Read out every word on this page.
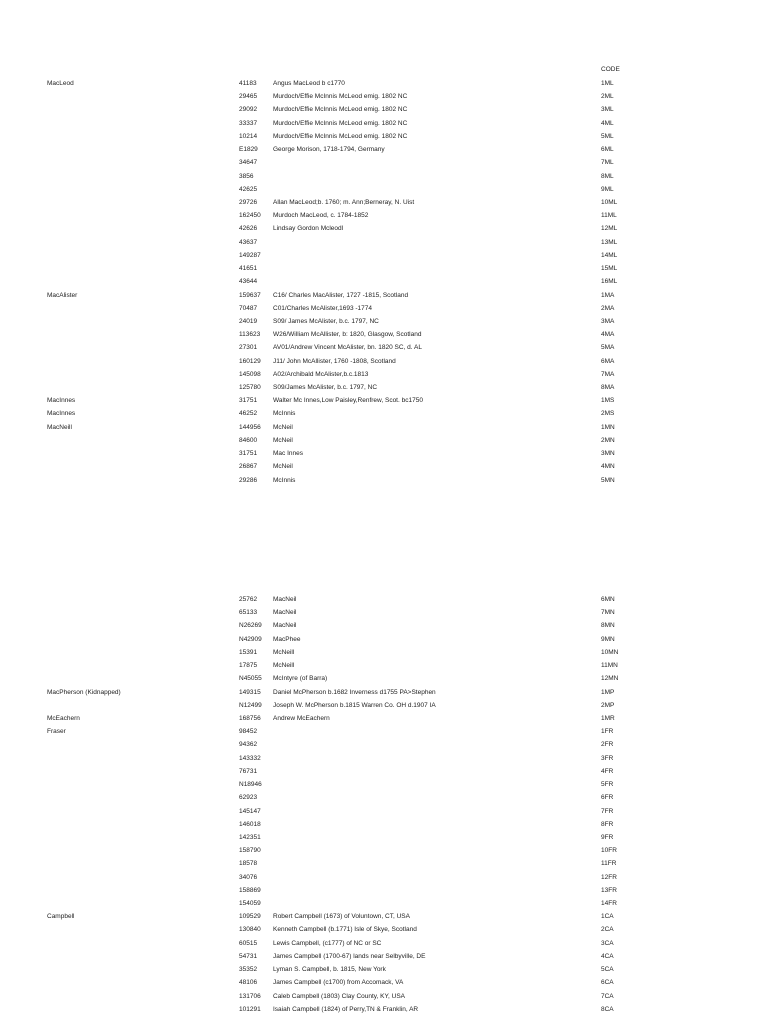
CODE
MacLeod	41183	Angus MacLeod b c1770	1ML
29465	Murdoch/Effie McInnis McLeod emig. 1802 NC	2ML
29092	Murdoch/Effie McInnis McLeod emig. 1802 NC	3ML
33337	Murdoch/Effie McInnis McLeod emig. 1802 NC	4ML
10214	Murdoch/Effie McInnis McLeod emig. 1802 NC	5ML
E1829	George Morison, 1718-1794, Germany	6ML
34647	7ML
3856	8ML
42625	9ML
29726	Allan MacLeod;b. 1760; m. Ann;Berneray, N. Uist	10ML
162450	Murdoch MacLeod, c. 1784-1852	11ML
42626	Lindsay Gordon Mcleodl	12ML
43637	13ML
149287	14ML
41651	15ML
43644	16ML
MacAlister	159637	C16/ Charles MacAlister, 1727 -1815, Scotland	1MA
70487	C01/Charles McAlister,1693 -1774	2MA
24019	S09/ James McAlister, b.c. 1797, NC	3MA
113623	W26/William McAllister, b: 1820, Glasgow, Scotland	4MA
27301	AV01/Andrew Vincent McAlister, bn. 1820 SC, d. AL	5MA
160129	J11/ John McAllister, 1760 -1808, Scotland	6MA
145098	A02/Archibald McAlister,b.c.1813	7MA
125780	S09/James McAlister, b.c. 1797, NC	8MA
MacInnes	31751	Walter Mc Innes,Low Paisley,Renfrew, Scot. bc1750	1MS
MacInnes	46252	McInnis	2MS
MacNeill	144956	McNeil	1MN
84600	McNeil	2MN
31751	Mac Innes	3MN
26867	McNeil	4MN
29286	McInnis	5MN
25762	MacNeil	6MN
65133	MacNeil	7MN
N26269	MacNeil	8MN
N42909	MacPhee	9MN
15391	McNeill	10MN
17875	McNeill	11MN
N45055	McIntyre (of Barra)	12MN
MacPherson (Kidnapped)	149315	Daniel McPherson b.1682 Inverness d1755 PA>Stephen	1MP
N12499	Joseph W. McPherson b.1815 Warren Co. OH d.1907 IA	2MP
McEachern	168756	Andrew McEachern	1MR
Fraser	98452	1FR
94362	2FR
143332	3FR
76731	4FR
N18946	5FR
62923	6FR
145147	7FR
146018	8FR
142351	9FR
158790	10FR
18578	11FR
34076	12FR
158869	13FR
154059	14FR
Campbell	109529	Robert Campbell (1673) of Voluntown, CT, USA	1CA
130840	Kenneth Campbell (b.1771) Isle of Skye, Scotland	2CA
60515	Lewis Campbell, (c1777) of NC or SC	3CA
54731	James Campbell (1700-67) lands near Selbyville, DE	4CA
35352	Lyman S. Campbell, b. 1815, New York	5CA
48106	James Campbell (c1700) from Accomack, VA	6CA
131706	Caleb Campbell (1803) Clay County, KY, USA	7CA
101291	Isaiah Campbell (1824) of Perry,TN & Franklin, AR	8CA
